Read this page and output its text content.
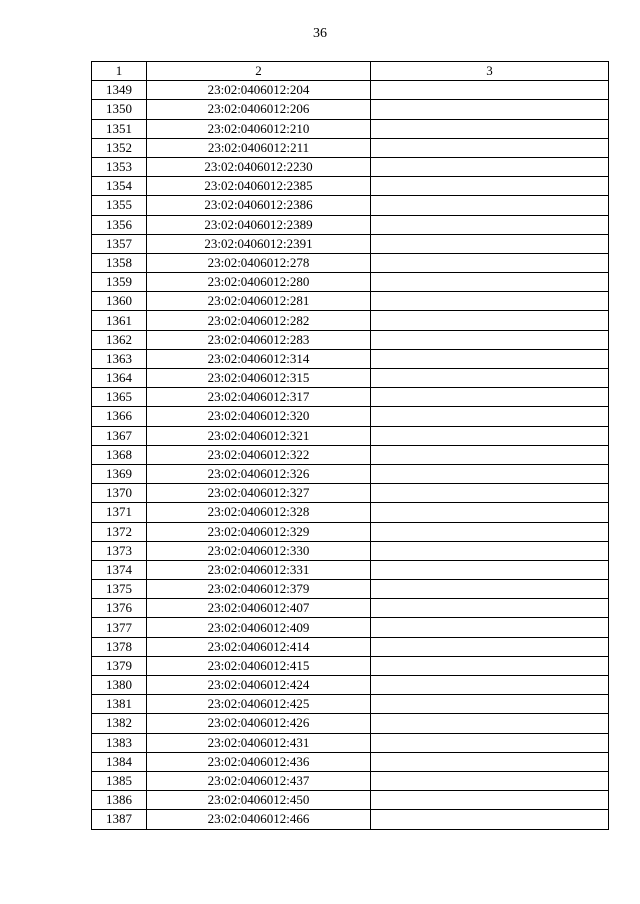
36
1	2	3
1349	23:02:0406012:204	
1350	23:02:0406012:206	
1351	23:02:0406012:210	
1352	23:02:0406012:211	
1353	23:02:0406012:2230	
1354	23:02:0406012:2385	
1355	23:02:0406012:2386	
1356	23:02:0406012:2389	
1357	23:02:0406012:2391	
1358	23:02:0406012:278	
1359	23:02:0406012:280	
1360	23:02:0406012:281	
1361	23:02:0406012:282	
1362	23:02:0406012:283	
1363	23:02:0406012:314	
1364	23:02:0406012:315	
1365	23:02:0406012:317	
1366	23:02:0406012:320	
1367	23:02:0406012:321	
1368	23:02:0406012:322	
1369	23:02:0406012:326	
1370	23:02:0406012:327	
1371	23:02:0406012:328	
1372	23:02:0406012:329	
1373	23:02:0406012:330	
1374	23:02:0406012:331	
1375	23:02:0406012:379	
1376	23:02:0406012:407	
1377	23:02:0406012:409	
1378	23:02:0406012:414	
1379	23:02:0406012:415	
1380	23:02:0406012:424	
1381	23:02:0406012:425	
1382	23:02:0406012:426	
1383	23:02:0406012:431	
1384	23:02:0406012:436	
1385	23:02:0406012:437	
1386	23:02:0406012:450	
1387	23:02:0406012:466	
